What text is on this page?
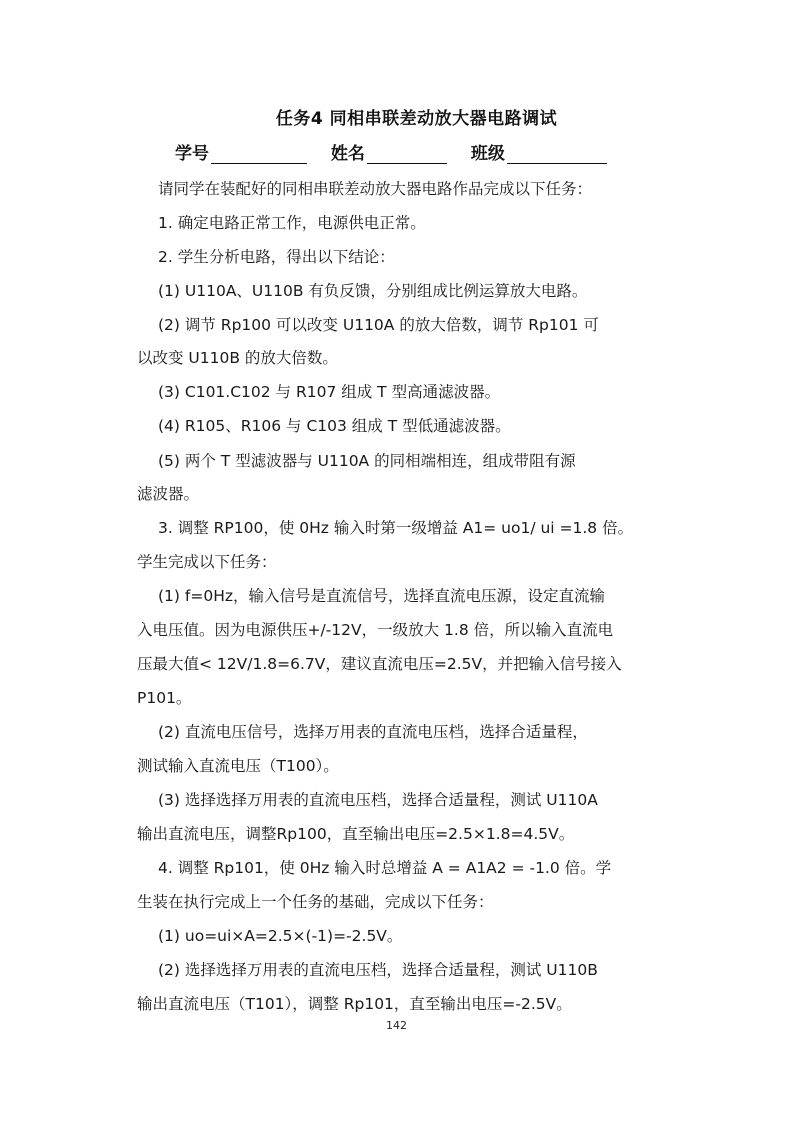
任务4 同相串联差动放大器电路调试
学号	姓名	班级
请同学在装配好的同相串联差动放大器电路作品完成以下任务：
1. 确定电路正常工作，电源供电正常。
2. 学生分析电路，得出以下结论：
(1) U110A、U110B 有负反馈，分别组成比例运算放大电路。
(2) 调节 Rp100 可以改变 U110A 的放大倍数，调节 Rp101 可
以改变 U110B 的放大倍数。
(3) C101.C102 与 R107 组成 T 型高通滤波器。
(4) R105、R106 与 C103 组成 T 型低通滤波器。
(5) 两个 T 型滤波器与 U110A 的同相端相连，组成带阻有源
滤波器。
3. 调整 RP100，使 0Hz 输入时第一级增益 A1= uo1/ ui =1.8 倍。
学生完成以下任务：
(1) f=0Hz，输入信号是直流信号，选择直流电压源，设定直流输
入电压值。因为电源供压+/-12V，一级放大 1.8 倍，所以输入直流电
压最大值< 12V/1.8=6.7V，建议直流电压=2.5V，并把输入信号接入
P101。
(2) 直流电压信号，选择万用表的直流电压档，选择合适量程，
测试输入直流电压（T100）。
(3) 选择选择万用表的直流电压档，选择合适量程，测试 U110A
输出直流电压，调整Rp100，直至输出电压=2.5×1.8=4.5V。
4. 调整 Rp101，使 0Hz 输入时总增益 A = A1A2 = -1.0 倍。学
生装在执行完成上一个任务的基础，完成以下任务：
(1) uo=ui×A=2.5×(-1)=-2.5V。
(2) 选择选择万用表的直流电压档，选择合适量程，测试 U110B
输出直流电压（T101），调整 Rp101，直至输出电压=-2.5V。
142
